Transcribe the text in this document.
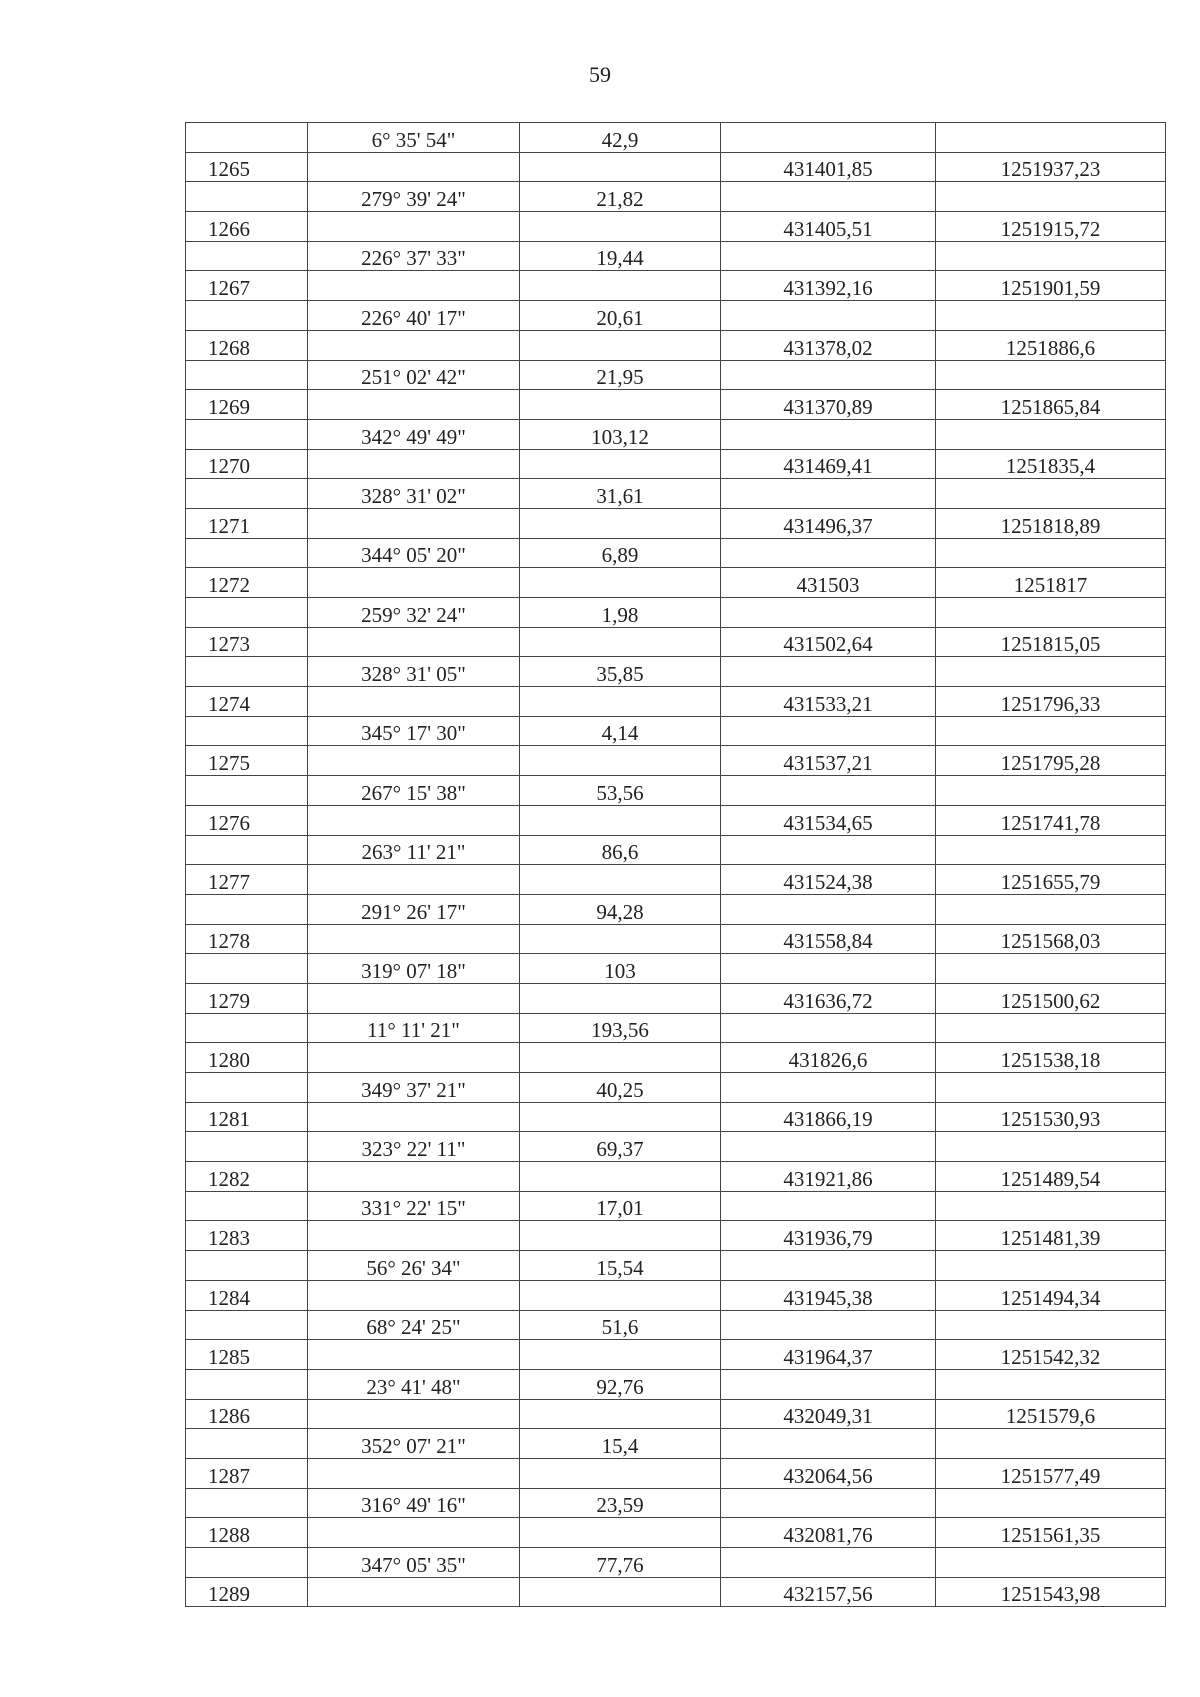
59
	6° 35' 54"	42,9		
1265			431401,85	1251937,23
	279° 39' 24"	21,82		
1266			431405,51	1251915,72
	226° 37' 33"	19,44		
1267			431392,16	1251901,59
	226° 40' 17"	20,61		
1268			431378,02	1251886,6
	251° 02' 42"	21,95		
1269			431370,89	1251865,84
	342° 49' 49"	103,12		
1270			431469,41	1251835,4
	328° 31' 02"	31,61		
1271			431496,37	1251818,89
	344° 05' 20"	6,89		
1272			431503	1251817
	259° 32' 24"	1,98		
1273			431502,64	1251815,05
	328° 31' 05"	35,85		
1274			431533,21	1251796,33
	345° 17' 30"	4,14		
1275			431537,21	1251795,28
	267° 15' 38"	53,56		
1276			431534,65	1251741,78
	263° 11' 21"	86,6		
1277			431524,38	1251655,79
	291° 26' 17"	94,28		
1278			431558,84	1251568,03
	319° 07' 18"	103		
1279			431636,72	1251500,62
	11° 11' 21"	193,56		
1280			431826,6	1251538,18
	349° 37' 21"	40,25		
1281			431866,19	1251530,93
	323° 22' 11"	69,37		
1282			431921,86	1251489,54
	331° 22' 15"	17,01		
1283			431936,79	1251481,39
	56° 26' 34"	15,54		
1284			431945,38	1251494,34
	68° 24' 25"	51,6		
1285			431964,37	1251542,32
	23° 41' 48"	92,76		
1286			432049,31	1251579,6
	352° 07' 21"	15,4		
1287			432064,56	1251577,49
	316° 49' 16"	23,59		
1288			432081,76	1251561,35
	347° 05' 35"	77,76		
1289			432157,56	1251543,98
